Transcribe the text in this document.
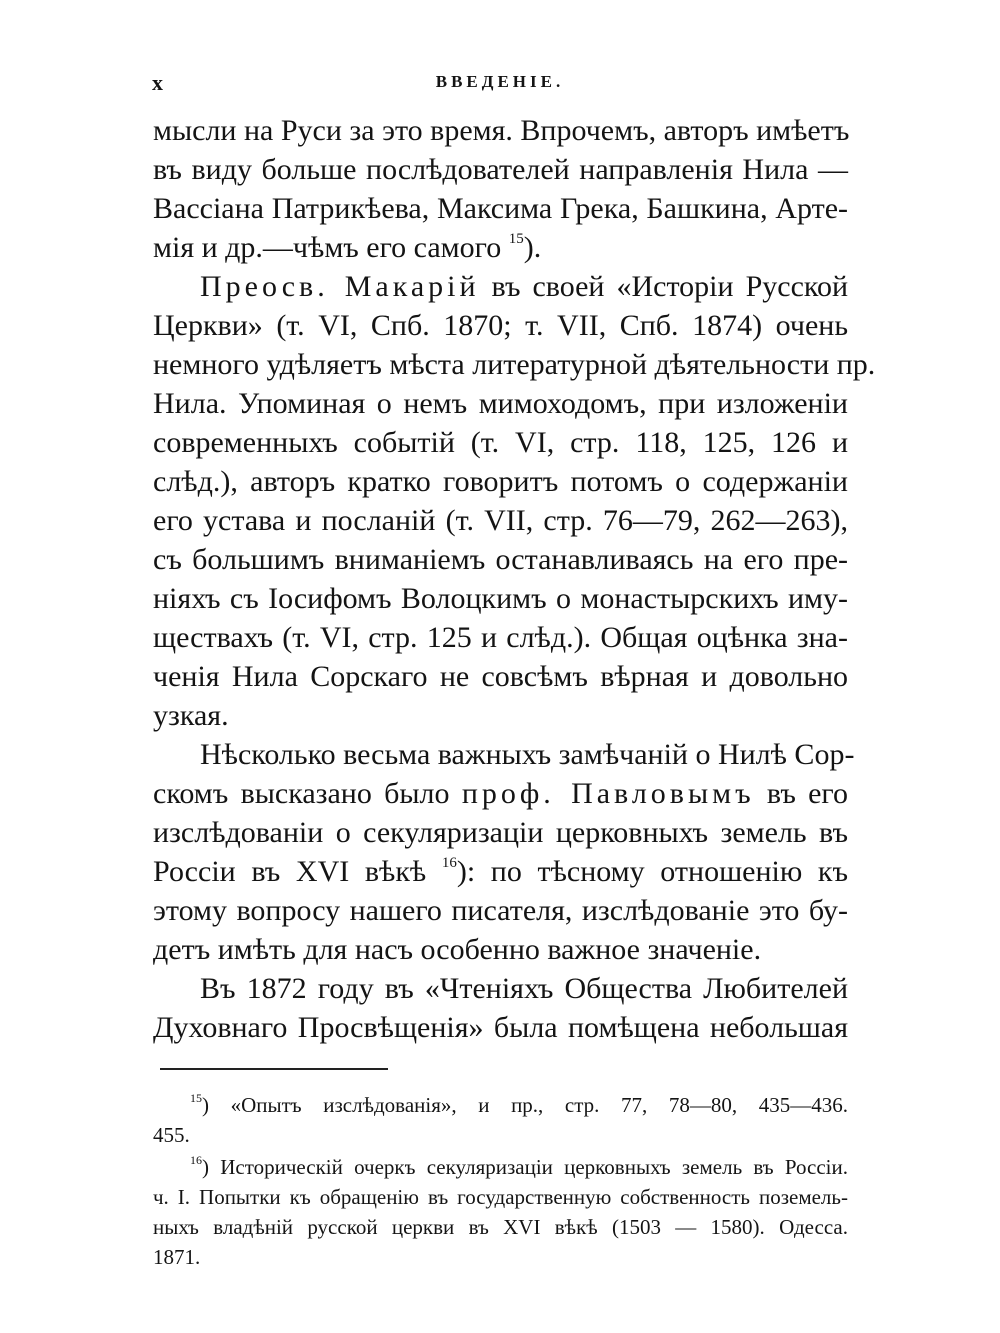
x	ВВЕДЕНІЕ.
мысли на Руси за это время. Впрочемъ, авторъ имѣетъ
въ виду больше послѣдователей направленія Нила —
Вассіана Патрикѣева, Максима Грека, Башкина, Арте-
мія и др.—чѣмъ его самого $^{15}$).
Преосв. Макарій въ своей «Исторіи Русской
Церкви» (т. VI, Спб. 1870; т. VII, Спб. 1874) очень
немного удѣляетъ мѣста литературной дѣятельности пр.
Нила. Упоминая о немъ мимоходомъ, при изложеніи
современныхъ событій (т. VI, стр. 118, 125, 126 и
слѣд.), авторъ кратко говоритъ потомъ о содержаніи
его устава и посланій (т. VII, стр. 76—79, 262—263),
съ большимъ вниманіемъ останавливаясь на его пре-
ніяхъ съ Іосифомъ Волоцкимъ о монастырскихъ иму-
ществахъ (т. VI, стр. 125 и слѣд.). Общая оцѣнка зна-
ченія Нила Сорскаго не совсѣмъ вѣрная и довольно
узкая.
Нѣсколько весьма важныхъ замѣчаній о Нилѣ Сор-
скомъ высказано было проф. Павловымъ въ его
изслѣдованіи о секуляризаціи церковныхъ земель въ
Россіи въ XVI вѣкѣ $^{16}$): по тѣсному отношенію къ
этому вопросу нашего писателя, изслѣдованіе это бу-
детъ имѣть для насъ особенно важное значеніе.
Въ 1872 году въ «Чтеніяхъ Общества Любителей
Духовнаго Просвѣщенія» была помѣщена небольшая
$^{15}$) «Опытъ изслѣдованія», и пр., стр. 77, 78—80, 435—436.
455.
$^{16}$) Историческій очеркъ секуляризаціи церковныхъ земель въ Россіи.
ч. I. Попытки къ обращенію въ государственную собственность поземель-
ныхъ владѣній русской церкви въ XVI вѣкѣ (1503 — 1580). Одесса.
1871.
